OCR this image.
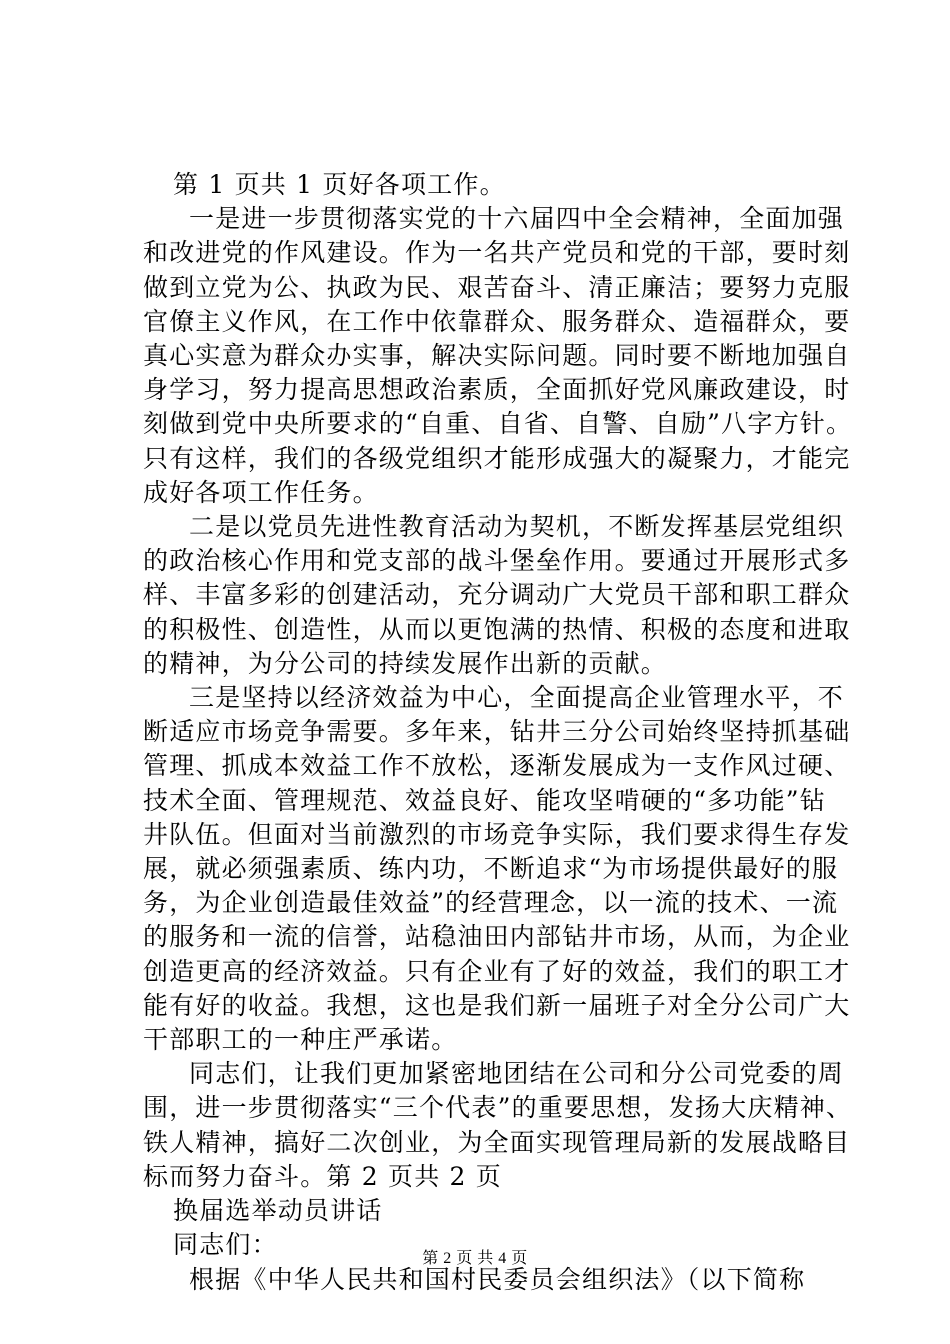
第 1 页共 1 页好各项工作。
一是进一步贯彻落实党的十六届四中全会精神，全面加强
和改进党的作风建设。作为一名共产党员和党的干部，要时刻
做到立党为公、执政为民、艰苦奋斗、清正廉洁；要努力克服
官僚主义作风，在工作中依靠群众、服务群众、造福群众，要
真心实意为群众办实事，解决实际问题。同时要不断地加强自
身学习，努力提高思想政治素质，全面抓好党风廉政建设，时
刻做到党中央所要求的“自重、自省、自警、自励”八字方针。
只有这样，我们的各级党组织才能形成强大的凝聚力，才能完
成好各项工作任务。
二是以党员先进性教育活动为契机，不断发挥基层党组织
的政治核心作用和党支部的战斗堡垒作用。要通过开展形式多
样、丰富多彩的创建活动，充分调动广大党员干部和职工群众
的积极性、创造性，从而以更饱满的热情、积极的态度和进取
的精神，为分公司的持续发展作出新的贡献。
三是坚持以经济效益为中心，全面提高企业管理水平，不
断适应市场竞争需要。多年来，钻井三分公司始终坚持抓基础
管理、抓成本效益工作不放松，逐渐发展成为一支作风过硬、
技术全面、管理规范、效益良好、能攻坚啃硬的“多功能”钻
井队伍。但面对当前激烈的市场竞争实际，我们要求得生存发
展，就必须强素质、练内功，不断追求“为市场提供最好的服
务，为企业创造最佳效益”的经营理念，以一流的技术、一流
的服务和一流的信誉，站稳油田内部钻井市场，从而，为企业
创造更高的经济效益。只有企业有了好的效益，我们的职工才
能有好的收益。我想，这也是我们新一届班子对全分公司广大
干部职工的一种庄严承诺。
同志们，让我们更加紧密地团结在公司和分公司党委的周
围，进一步贯彻落实“三个代表”的重要思想，发扬大庆精神、
铁人精神，搞好二次创业，为全面实现管理局新的发展战略目
标而努力奋斗。第 2 页共 2 页
换届选举动员讲话
同志们：
根据《中华人民共和国村民委员会组织法》（以下简称
第 2 页 共 4 页
